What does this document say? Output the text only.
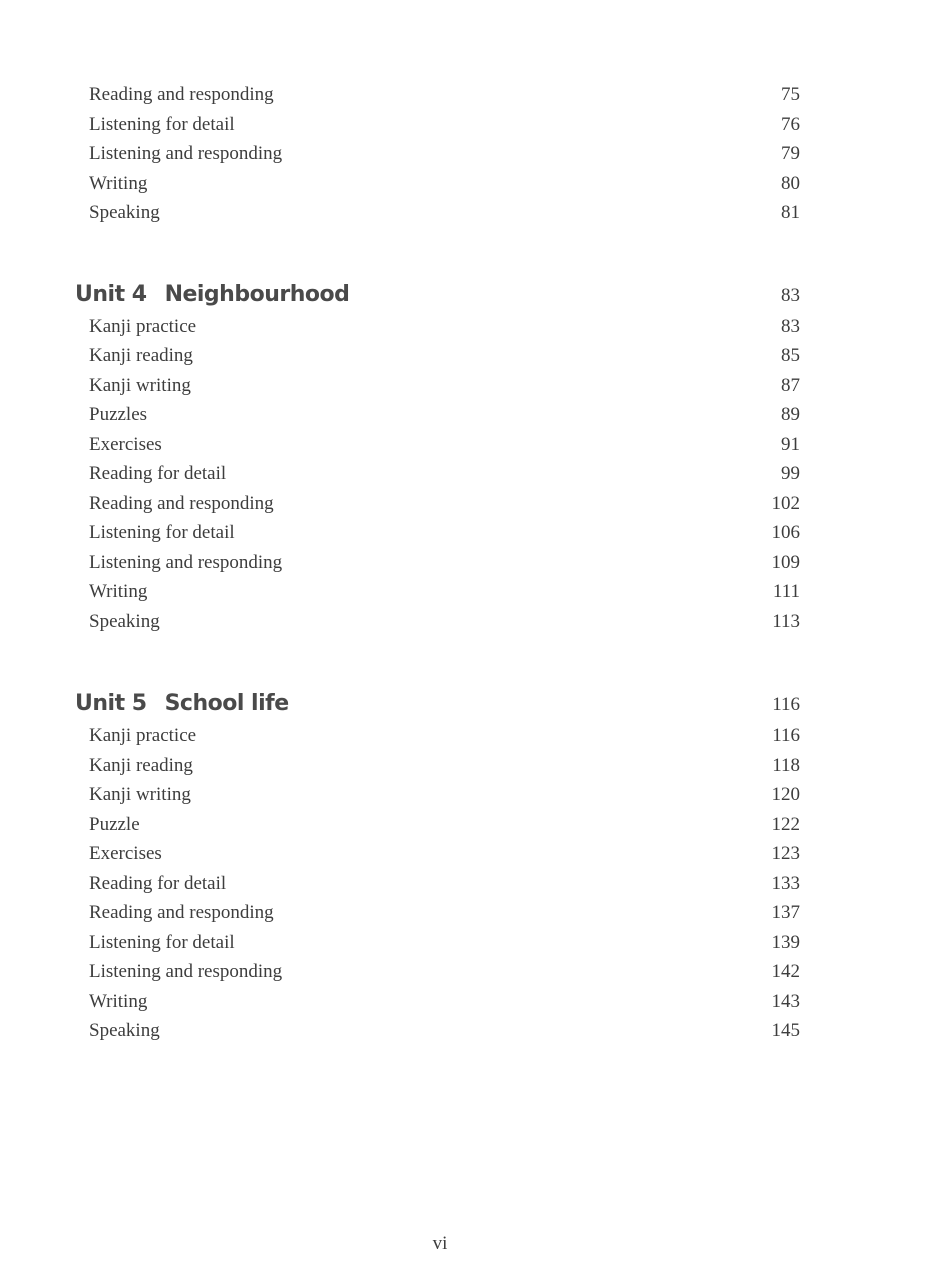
Reading and responding	75
Listening for detail	76
Listening and responding	79
Writing	80
Speaking	81
Unit 4 Neighbourhood	83
Kanji practice	83
Kanji reading	85
Kanji writing	87
Puzzles	89
Exercises	91
Reading for detail	99
Reading and responding	102
Listening for detail	106
Listening and responding	109
Writing	111
Speaking	113
Unit 5 School life	116
Kanji practice	116
Kanji reading	118
Kanji writing	120
Puzzle	122
Exercises	123
Reading for detail	133
Reading and responding	137
Listening for detail	139
Listening and responding	142
Writing	143
Speaking	145
vi
